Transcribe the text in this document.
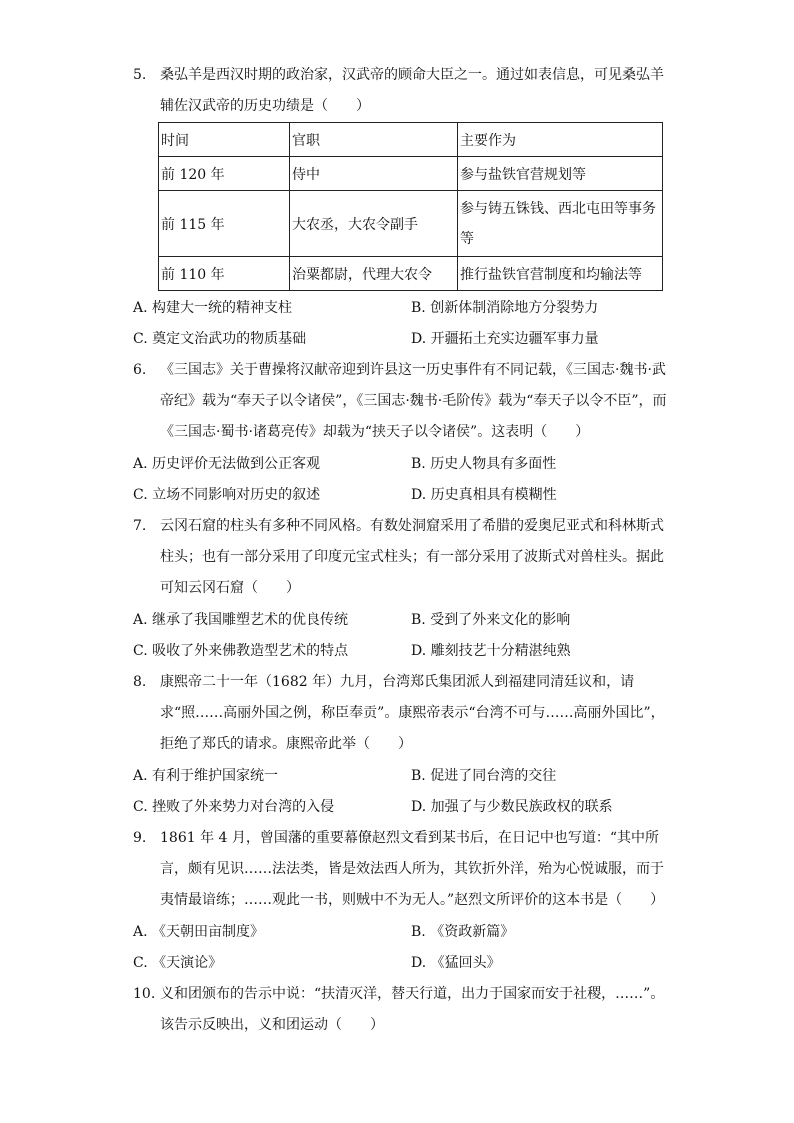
5. 桑弘羊是西汉时期的政治家，汉武帝的顾命大臣之一。通过如表信息，可见桑弘羊辅佐汉武帝的历史功绩是（　　）
时间	官职	主要作为
前 120 年	侍中	参与盐铁官营规划等
前 115 年	大农丞，大农令副手	参与铸五铢钱、西北屯田等事务等
前 110 年	治粟都尉，代理大农令	推行盐铁官营制度和均输法等
A. 构建大一统的精神支柱	B. 创新体制消除地方分裂势力
C. 奠定文治武功的物质基础	D. 开疆拓土充实边疆军事力量
6. 《三国志》关于曹操将汉献帝迎到许县这一历史事件有不同记载，《三国志·魏书·武帝纪》载为“奉天子以令诸侯”，《三国志·魏书·毛阶传》载为“奉天子以令不臣”，而《三国志·蜀书·诸葛亮传》却载为“挟天子以令诸侯”。这表明（　　）
A. 历史评价无法做到公正客观	B. 历史人物具有多面性
C. 立场不同影响对历史的叙述	D. 历史真相具有模糊性
7. 云冈石窟的柱头有多种不同风格。有数处洞窟采用了希腊的爱奥尼亚式和科林斯式柱头；也有一部分采用了印度元宝式柱头；有一部分采用了波斯式对兽柱头。据此可知云冈石窟（　　）
A. 继承了我国雕塑艺术的优良传统	B. 受到了外来文化的影响
C. 吸收了外来佛教造型艺术的特点	D. 雕刻技艺十分精湛纯熟
8. 康熙帝二十一年（1682 年）九月，台湾郑氏集团派人到福建同清廷议和，请求“照……高丽外国之例，称臣奉贡”。康熙帝表示“台湾不可与……高丽外国比”，拒绝了郑氏的请求。康熙帝此举（　　）
A. 有利于维护国家统一	B. 促进了同台湾的交往
C. 挫败了外来势力对台湾的入侵	D. 加强了与少数民族政权的联系
9. 1861 年 4 月，曾国藩的重要幕僚赵烈文看到某书后，在日记中也写道：“其中所言，颇有见识……法法类，皆是效法西人所为，其钦折外洋，殆为心悦诚服，而于夷情最谙练；……观此一书，则贼中不为无人。”赵烈文所评价的这本书是（　　）
A. 《天朝田亩制度》	B. 《资政新篇》
C. 《天演论》	D. 《猛回头》
10. 义和团颁布的告示中说：“扶清灭洋，替天行道，出力于国家而安于社稷，……”。该告示反映出，义和团运动（　　）
